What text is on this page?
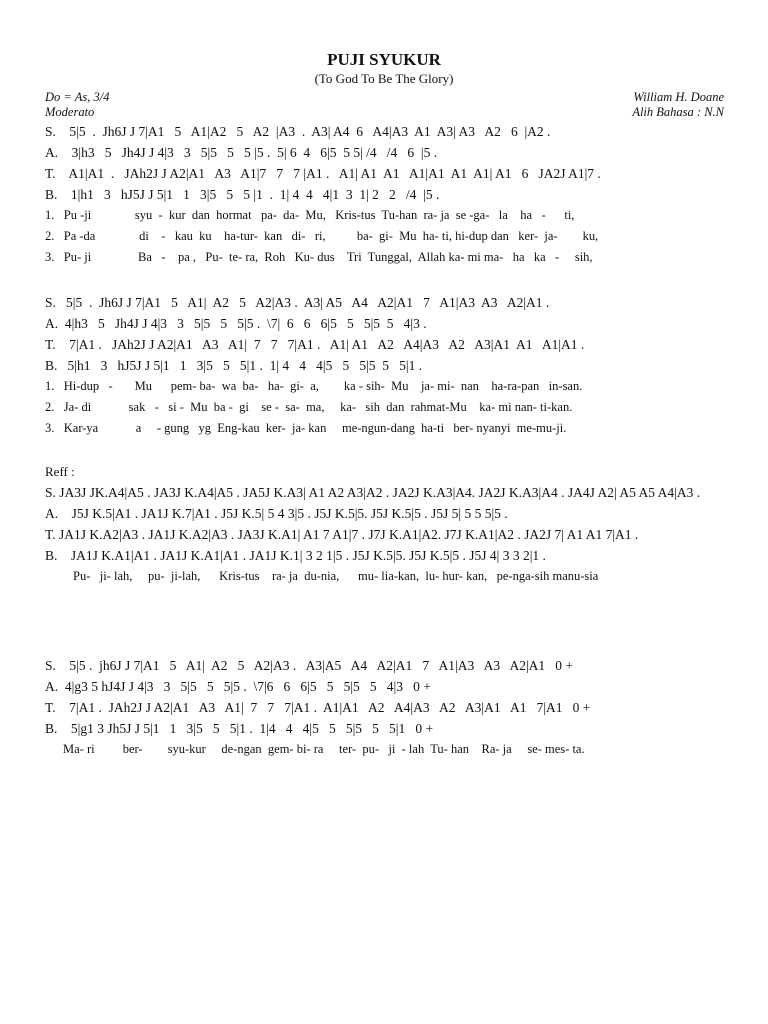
PUJI SYUKUR
(To God To Be The Glory)
Do = As, 3/4
Moderato
William H. Doane
Alih Bahasa : N.N
S.    5|5  .  Jh6J J 7|A1   5   A1|A2   5   A2  |A3  .  A3| A4  6   A4|A3  A1  A3| A3   A2   6  |A2 .
A.    3|h3   5   Jh4J J 4|3   3   5|5   5   5 |5 .  5| 6  4   6|5  5 5| /4   /4   6  |5 .
T.    A1|A1  .   JAh2J J A2|A1   A3   A1|7   7   7 |A1 .   A1| A1  A1   A1|A1  A1  A1| A1   6   JA2J A1|7 .
B.    1|h1   3   hJ5J J 5|1   1   3|5   5   5 |1  .  1| 4  4   4|1  3  1| 2   2   /4  |5 .
1.   Pu -ji              syu  -  kur  dan  hormat   pa-  da-  Mu,   Kris-tus  Tu-han  ra- ja  se -ga-   la    ha   -      ti,
2.   Pa -da              di    -   kau  ku    ha-tur-  kan   di-   ri,          ba-  gi-  Mu  ha- ti, hi-dup dan   ker-  ja-        ku,
3.   Pu- ji               Ba   -    pa ,   Pu-  te- ra,  Roh   Ku- dus    Tri  Tunggal,  Allah ka- mi ma-   ha   ka   -     sih,
S.   5|5  .  Jh6J J 7|A1   5   A1|  A2   5   A2|A3 .  A3| A5   A4   A2|A1   7   A1|A3  A3   A2|A1 .
A.  4|h3   5   Jh4J J 4|3   3   5|5   5   5|5 .  \7|  6   6   6|5   5   5|5  5   4|3 .
T.    7|A1 .   JAh2J J A2|A1   A3   A1|  7   7   7|A1 .   A1| A1   A2   A4|A3   A2   A3|A1  A1   A1|A1 .
B.   5|h1   3   hJ5J J 5|1   1   3|5   5   5|1 .  1| 4   4   4|5   5   5|5  5   5|1 .
1.   Hi-dup   -       Mu      pem- ba-  wa  ba-   ha-  gi-  a,        ka - sih-  Mu    ja- mi-  nan    ha-ra-pan   in-san.
2.   Ja- di            sak   -   si -  Mu  ba -  gi    se -  sa-  ma,     ka-   sih  dan  rahmat-Mu    ka- mi nan- ti-kan.
3.   Kar-ya            a     - gung   yg  Eng-kau  ker-  ja- kan     me-ngun-dang  ha-ti   ber- nyanyi  me-mu-ji.
Reff :
S. JA3J JK.A4|A5 . JA3J K.A4|A5 . JA5J K.A3| A1 A2 A3|A2 . JA2J K.A3|A4. JA2J K.A3|A4 . JA4J A2| A5 A5 A4|A3 .
A.    J5J K.5|A1 . JA1J K.7|A1 . J5J K.5| 5 4 3|5 . J5J K.5|5. J5J K.5|5 . J5J 5| 5 5 5|5 .
T. JA1J K.A2|A3 . JA1J K.A2|A3 . JA3J K.A1| A1 7 A1|7 . J7J K.A1|A2. J7J K.A1|A2 . JA2J 7| A1 A1 7|A1 .
B.    JA1J K.A1|A1 . JA1J K.A1|A1 . JA1J K.1| 3 2 1|5 . J5J K.5|5. J5J K.5|5 . J5J 4| 3 3 2|1 .
Pu-   ji- lah,     pu-  ji-lah,      Kris-tus    ra- ja  du-nia,      mu- lia-kan,  lu- hur- kan,   pe-nga-sih manu-sia
S.    5|5 .  jh6J J 7|A1   5   A1|  A2   5   A2|A3 .   A3|A5   A4   A2|A1   7   A1|A3   A3   A2|A1   0 +
A.  4|g3 5 hJ4J J 4|3   3   5|5   5   5|5 .  \7|6   6   6|5   5   5|5   5   4|3   0 +
T.    7|A1 .  JAh2J J A2|A1   A3   A1|  7   7   7|A1 .  A1|A1   A2   A4|A3   A2   A3|A1   A1   7|A1   0 +
B.    5|g1 3 Jh5J J 5|1   1   3|5   5   5|1 .  1|4   4   4|5   5   5|5   5   5|1   0 +
Ma- ri         ber-        syu-kur     de-ngan  gem- bi- ra     ter-  pu-   ji  - lah  Tu- han    Ra- ja     se- mes- ta.
